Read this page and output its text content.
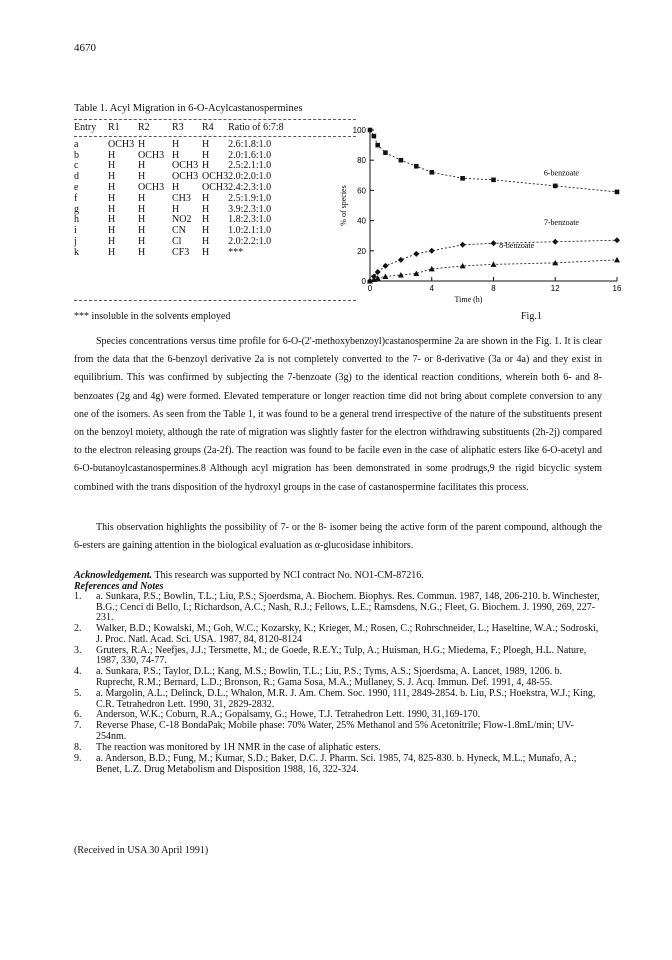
4670
Table 1. Acyl Migration in 6-O-Acylcastanospermines
Entry	R1	R2	R3	R4	Ratio of 6:7:8
a	OCH3	H	H	H	2.6:1.8:1.0
b	H	OCH3	H	H	2.0:1.6:1.0
c	H	H	OCH3	H	2.5:2.1:1.0
d	H	H	OCH3	OCH3	2.0:2.0:1.0
e	H	OCH3	H	OCH3	2.4:2.3:1.0
f	H	H	CH3	H	2.5:1.9:1.0
g	H	H	H	H	3.9:2.3:1.0
h	H	H	NO2	H	1.8:2.3:1.0
i	H	H	CN	H	1.0:2.1:1.0
j	H	H	Cl	H	2.0:2.2:1.0
k	H	H	CF3	H	***
*** insoluble in the solvents employed
0
20
40
60
80
100
0	4	8	12	16
Time (h)
% of species
6-benzoate
7-benzoate
8-benzoate
Fig.1

Species concentrations versus time profile for 6-O-(2'-methoxybenzoyl)castanospermine 2a are shown in the Fig. 1. It is clear from the data that the 6-benzoyl derivative 2a is not completely converted to the 7- or 8-derivative (3a or 4a) and they exist in equilibrium. This was confirmed by subjecting the 7-benzoate (3g) to the identical reaction conditions, wherein both 6- and 8-benzoates (2g and 4g) were formed. Elevated temperature or longer reaction time did not bring about complete conversion to any one of the isomers. As seen from the Table 1, it was found to be a general trend irrespective of the nature of the substituents present on the benzoyl moiety, although the rate of migration was slightly faster for the electron withdrawing substituents (2h-2j) compared to the electron releasing groups (2a-2f). The reaction was found to be facile even in the case of aliphatic esters like 6-O-acetyl and 6-O-butanoylcastanospermines.8 Although acyl migration has been demonstrated in some prodrugs,9 the rigid bicyclic system combined with the trans disposition of the hydroxyl groups in the case of castanospermine facilitates this process.

This observation highlights the possibility of 7- or the 8- isomer being the active form of the parent compound, although the 6-esters are gaining attention in the biological evaluation as α-glucosidase inhibitors.

Acknowledgement. This research was supported by NCI contract No. NO1-CM-87216.
References and Notes
1. a. Sunkara, P.S.; Bowlin, T.L.; Liu, P.S.; Sjoerdsma, A. Biochem. Biophys. Res. Commun. 1987, 148, 206-210. b. Winchester, B.G.; Cenci di Bello, I.; Richardson, A.C.; Nash, R.J.; Fellows, L.E.; Ramsdens, N.G.; Fleet, G. Biochem. J. 1990, 269, 227-231.
2. Walker, B.D.; Kowalski, M.; Goh, W.C.; Kozarsky, K.; Krieger, M.; Rosen, C.; Rohrschneider, L.; Haseltine, W.A.; Sodroski, J. Proc. Natl. Acad. Sci. USA. 1987, 84, 8120-8124
3. Gruters, R.A.; Neefjes, J.J.; Tersmette, M.; de Goede, R.E.Y.; Tulp, A.; Huisman, H.G.; Miedema, F.; Ploegh, H.L. Nature, 1987, 330, 74-77.
4. a. Sunkara, P.S.; Taylor, D.L.; Kang, M.S.; Bowlin, T.L.; Liu, P.S.; Tyms, A.S.; Sjoerdsma, A. Lancet, 1989, 1206. b. Ruprecht, R.M.; Bernard, L.D.; Bronson, R.; Gama Sosa, M.A.; Mullaney, S. J. Acq. Immun. Def. 1991, 4, 48-55.
5. a. Margolin, A.L.; Delinck, D.L.; Whalon, M.R. J. Am. Chem. Soc. 1990, 111, 2849-2854. b. Liu, P.S.; Hoekstra, W.J.; King, C.R. Tetrahedron Lett. 1990, 31, 2829-2832.
6. Anderson, W.K.; Coburn, R.A.; Gopalsamy, G.; Howe, T.J. Tetrahedron Lett. 1990, 31,169-170.
7. Reverse Phase, C-18 BondaPak; Mobile phase: 70% Water, 25% Methanol and 5% Acetonitrile; Flow-1.8mL/min; UV- 254nm.
8. The reaction was monitored by 1H NMR in the case of aliphatic esters.
9. a. Anderson, B.D.; Fung, M.; Kumar, S.D.; Baker, D.C. J. Pharm. Sci. 1985, 74, 825-830. b. Hyneck, M.L.; Munafo, A.; Benet, L.Z. Drug Metabolism and Disposition 1988, 16, 322-324.
(Received in USA 30 April 1991)
